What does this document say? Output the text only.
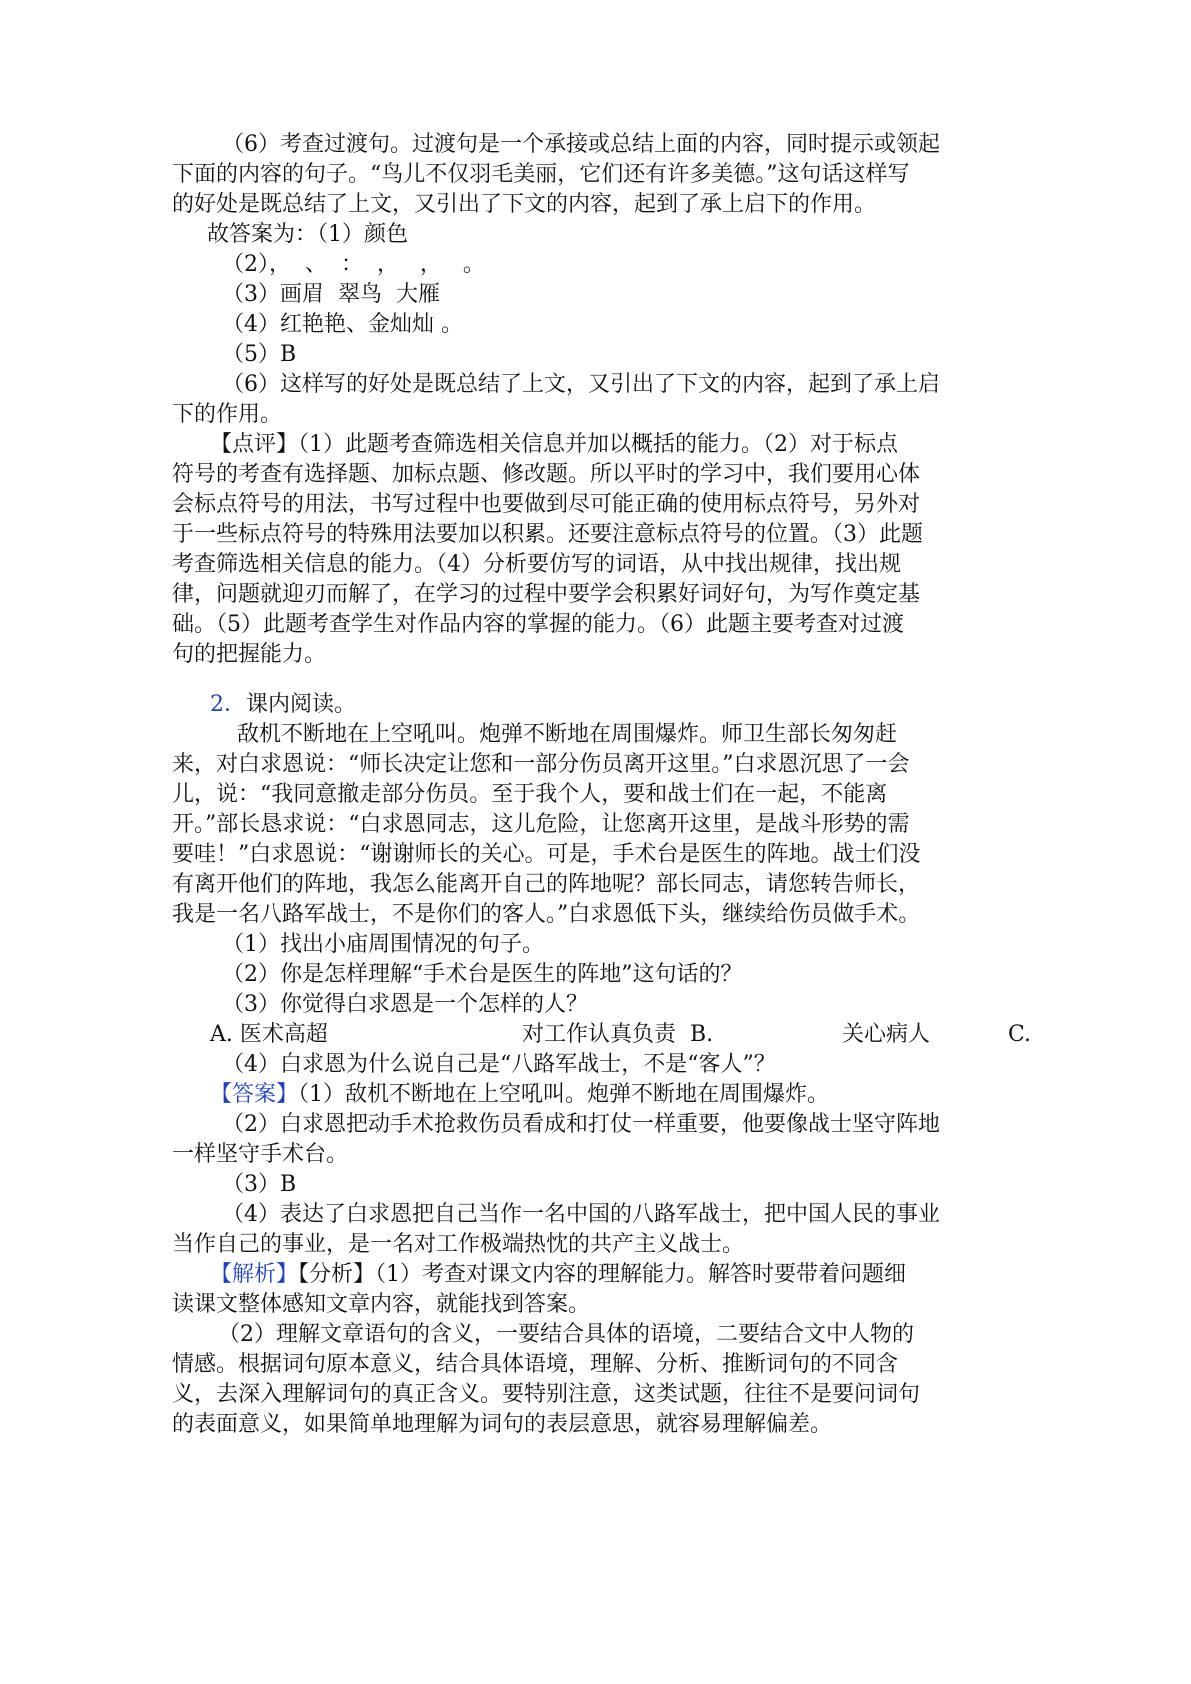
（6）考查过渡句。过渡句是一个承接或总结上面的内容，同时提示或领起
下面的内容的句子。“鸟儿不仅羽毛美丽，它们还有许多美德。”这句话这样写
的好处是既总结了上文，又引出了下文的内容，起到了承上启下的作用。
故答案为：（1）颜色
（2），  、  ：  ，   ，   。
（3）画眉  翠鸟  大雁
（4）红艳艳、金灿灿 。
（5）B
（6）这样写的好处是既总结了上文，又引出了下文的内容，起到了承上启
下的作用。
【点评】（1）此题考查筛选相关信息并加以概括的能力。（2）对于标点
符号的考查有选择题、加标点题、修改题。所以平时的学习中，我们要用心体
会标点符号的用法，书写过程中也要做到尽可能正确的使用标点符号，另外对
于一些标点符号的特殊用法要加以积累。还要注意标点符号的位置。（3）此题
考查筛选相关信息的能力。（4）分析要仿写的词语，从中找出规律，找出规
律，问题就迎刃而解了，在学习的过程中要学会积累好词好句，为写作奠定基
础。（5）此题考查学生对作品内容的掌握的能力。（6）此题主要考查对过渡
句的把握能力。
2．课内阅读。
敌机不断地在上空吼叫。炮弹不断地在周围爆炸。师卫生部长匆匆赶
来，对白求恩说：“师长决定让您和一部分伤员离开这里。”白求恩沉思了一会
儿，说：“我同意撤走部分伤员。至于我个人，要和战士们在一起，不能离
开。”部长恳求说：“白求恩同志，这儿危险，让您离开这里，是战斗形势的需
要哇！”白求恩说：“谢谢师长的关心。可是，手术台是医生的阵地。战士们没
有离开他们的阵地，我怎么能离开自己的阵地呢？部长同志，请您转告师长，
我是一名八路军战士，不是你们的客人。”白求恩低下头，继续给伤员做手术。
（1）找出小庙周围情况的句子。
（2）你是怎样理解“手术台是医生的阵地”这句话的？
（3）你觉得白求恩是一个怎样的人？
A. 医术高超	对工作认真负责  B.	关心病人	C.
（4）白求恩为什么说自己是“八路军战士，不是“客人”？
【答案】（1）敌机不断地在上空吼叫。炮弹不断地在周围爆炸。
（2）白求恩把动手术抢救伤员看成和打仗一样重要，他要像战士坚守阵地
一样坚守手术台。
（3）B
（4）表达了白求恩把自己当作一名中国的八路军战士，把中国人民的事业
当作自己的事业，是一名对工作极端热忱的共产主义战士。
【解析】【分析】（1）考查对课文内容的理解能力。解答时要带着问题细
读课文整体感知文章内容，就能找到答案。
（2）理解文章语句的含义，一要结合具体的语境，二要结合文中人物的
情感。根据词句原本意义，结合具体语境，理解、分析、推断词句的不同含
义，去深入理解词句的真正含义。要特别注意，这类试题，往往不是要问词句
的表面意义，如果简单地理解为词句的表层意思，就容易理解偏差。
